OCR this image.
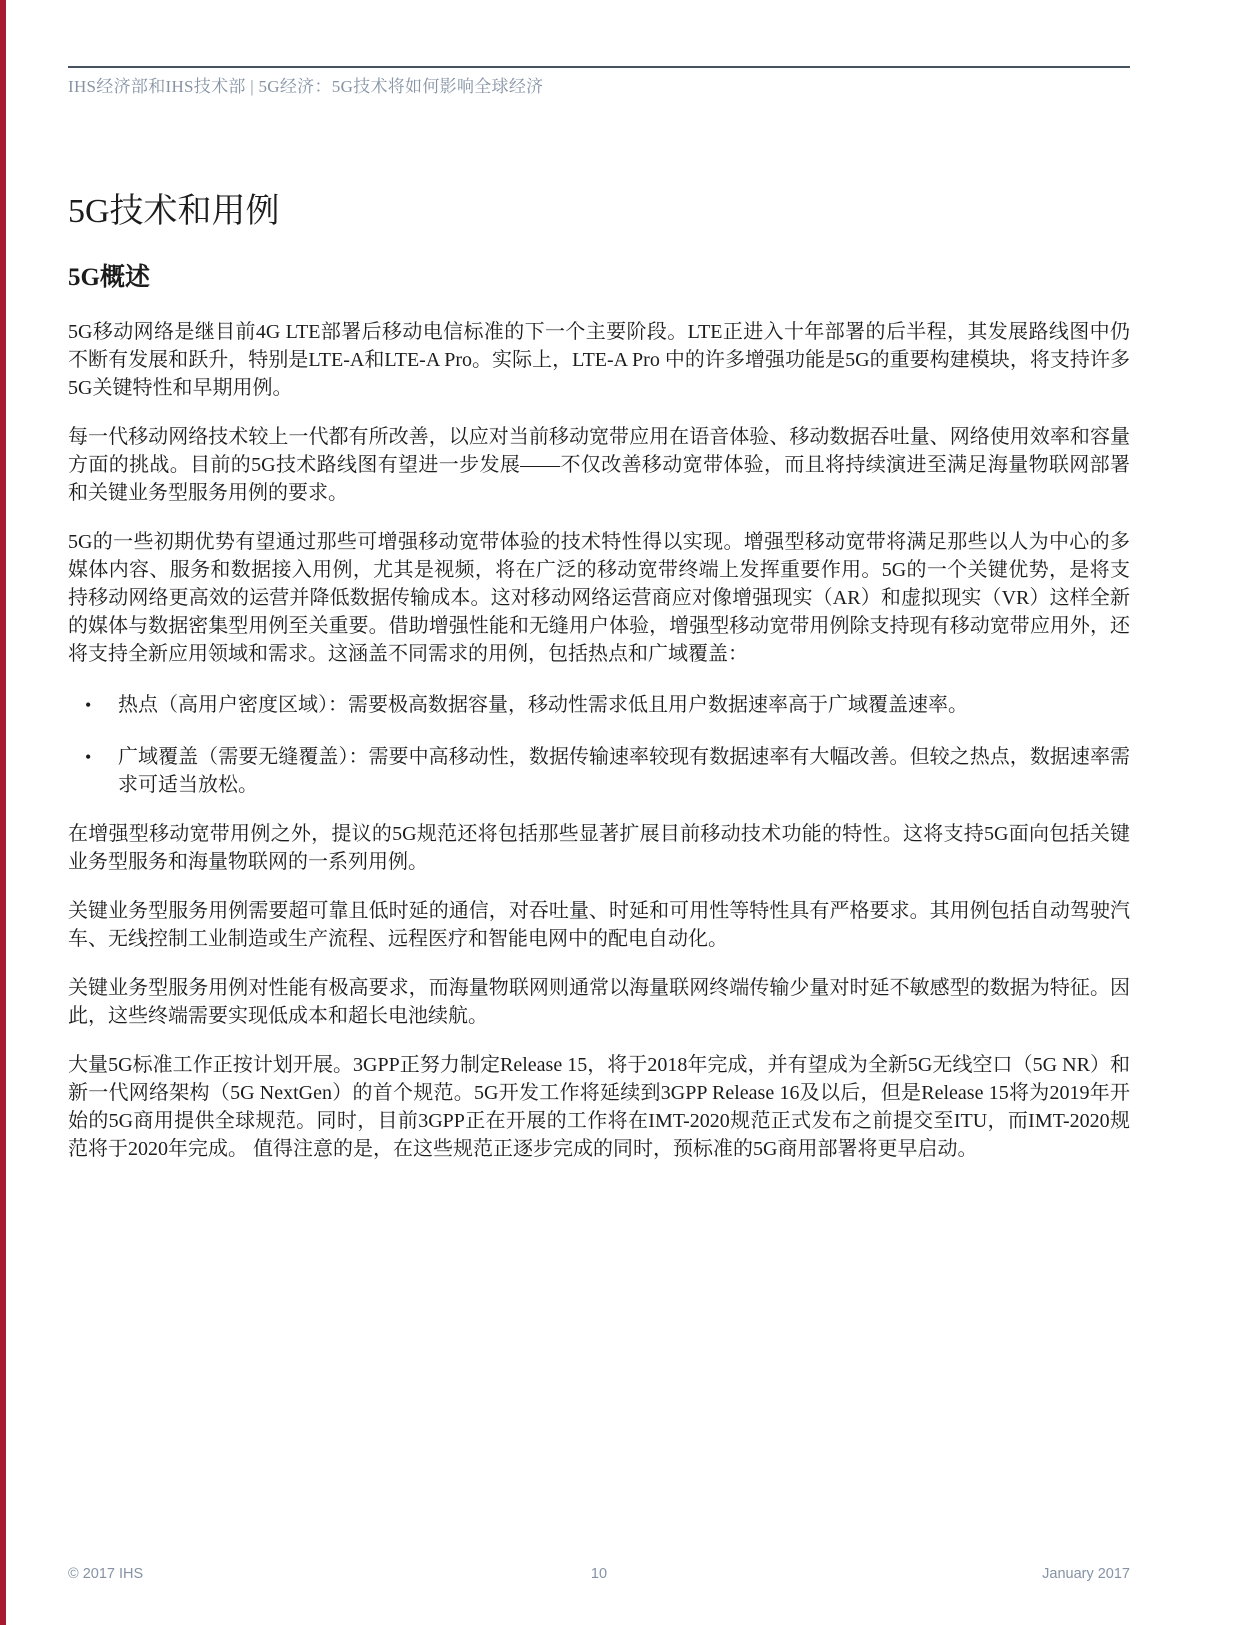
IHS经济部和IHS技术部 | 5G经济：5G技术将如何影响全球经济
5G技术和用例
5G概述

5G移动网络是继目前4G LTE部署后移动电信标准的下一个主要阶段。LTE正进入十年部署的后半程，其发展路线图中仍不断有发展和跃升，特别是LTE-A和LTE-A Pro。实际上，LTE-A Pro 中的许多增强功能是5G的重要构建模块，将支持许多5G关键特性和早期用例。

每一代移动网络技术较上一代都有所改善，以应对当前移动宽带应用在语音体验、移动数据吞吐量、网络使用效率和容量方面的挑战。目前的5G技术路线图有望进一步发展——不仅改善移动宽带体验，而且将持续演进至满足海量物联网部署和关键业务型服务用例的要求。

5G的一些初期优势有望通过那些可增强移动宽带体验的技术特性得以实现。增强型移动宽带将满足那些以人为中心的多媒体内容、服务和数据接入用例，尤其是视频，将在广泛的移动宽带终端上发挥重要作用。5G的一个关键优势，是将支持移动网络更高效的运营并降低数据传输成本。这对移动网络运营商应对像增强现实（AR）和虚拟现实（VR）这样全新的媒体与数据密集型用例至关重要。借助增强性能和无缝用户体验，增强型移动宽带用例除支持现有移动宽带应用外，还将支持全新应用领域和需求。这涵盖不同需求的用例，包括热点和广域覆盖：

•	热点（高用户密度区域）：需要极高数据容量，移动性需求低且用户数据速率高于广域覆盖速率。
•	广域覆盖（需要无缝覆盖）：需要中高移动性，数据传输速率较现有数据速率有大幅改善。但较之热点，数据速率需求可适当放松。

在增强型移动宽带用例之外，提议的5G规范还将包括那些显著扩展目前移动技术功能的特性。这将支持5G面向包括关键业务型服务和海量物联网的一系列用例。

关键业务型服务用例需要超可靠且低时延的通信，对吞吐量、时延和可用性等特性具有严格要求。其用例包括自动驾驶汽车、无线控制工业制造或生产流程、远程医疗和智能电网中的配电自动化。

关键业务型服务用例对性能有极高要求，而海量物联网则通常以海量联网终端传输少量对时延不敏感型的数据为特征。因此，这些终端需要实现低成本和超长电池续航。

大量5G标准工作正按计划开展。3GPP正努力制定Release 15，将于2018年完成，并有望成为全新5G无线空口（5G NR）和新一代网络架构（5G NextGen）的首个规范。5G开发工作将延续到3GPP Release 16及以后，但是Release 15将为2019年开始的5G商用提供全球规范。同时，目前3GPP正在开展的工作将在IMT-2020规范正式发布之前提交至ITU，而IMT-2020规范将于2020年完成。 值得注意的是，在这些规范正逐步完成的同时，预标准的5G商用部署将更早启动。

© 2017 IHS	10	January 2017
